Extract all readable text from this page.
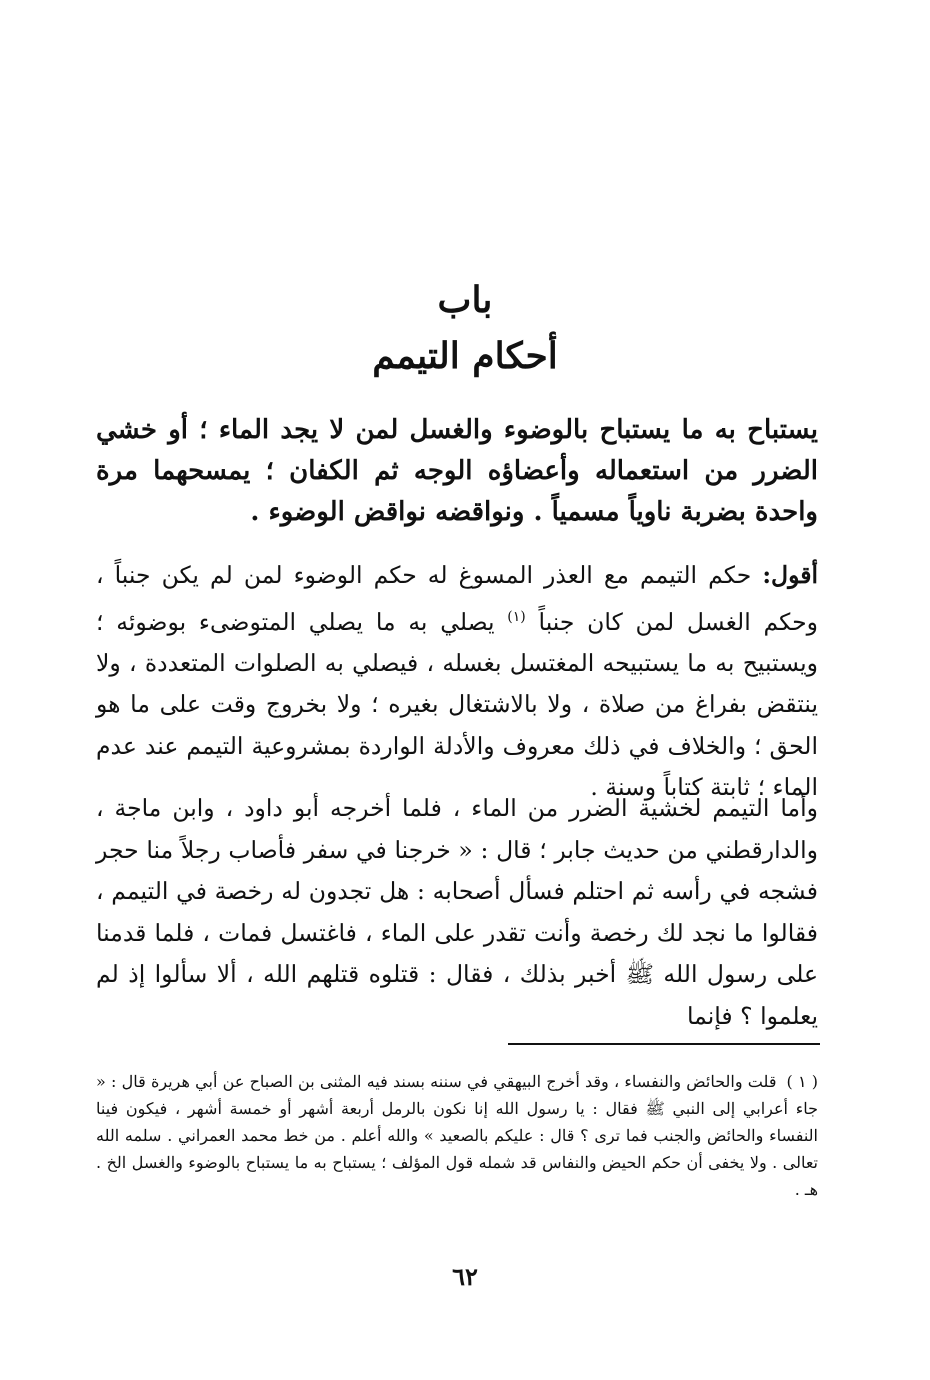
باب
أحكام التيمم

يستباح به ما يستباح بالوضوء والغسل لمن لا يجد الماء ؛ أو خشي الضرر من استعماله وأعضاؤه الوجه ثم الكفان ؛ يمسحهما مرة واحدة بضربة ناوياً مسمياً . ونواقضه نواقض الوضوء .

أقول: حكم التيمم مع العذر المسوغ له حكم الوضوء لمن لم يكن جنباً ، وحكم الغسل لمن كان جنباً $^{(١)}$ يصلي به ما يصلي المتوضىء بوضوئه ؛ ويستبيح به ما يستبيحه المغتسل بغسله ، فيصلي به الصلوات المتعددة ، ولا ينتقض بفراغ من صلاة ، ولا بالاشتغال بغيره ؛ ولا بخروج وقت على ما هو الحق ؛ والخلاف في ذلك معروف والأدلة الواردة بمشروعية التيمم عند عدم الماء ؛ ثابتة كتاباً وسنة .

وأما التيمم لخشية الضرر من الماء ، فلما أخرجه أبو داود ، وابن ماجة ، والدارقطني من حديث جابر ؛ قال : « خرجنا في سفر فأصاب رجلاً منا حجر فشجه في رأسه ثم احتلم فسأل أصحابه : هل تجدون له رخصة في التيمم ، فقالوا ما نجد لك رخصة وأنت تقدر على الماء ، فاغتسل فمات ، فلما قدمنا على رسول الله ﷺ أخبر بذلك ، فقال : قتلوه قتلهم الله ، ألا سألوا إذ لم يعلموا ؟ فإنما

( ١ )قلت والحائض والنفساء ، وقد أخرج البيهقي في سننه بسند فيه المثنى بن الصباح عن أبي هريرة قال : « جاء أعرابي إلى النبي ﷺ فقال : يا رسول الله إنا نكون بالرمل أربعة أشهر أو خمسة أشهر ، فيكون فينا النفساء والحائض والجنب فما ترى ؟ قال : عليكم بالصعيد » والله أعلم . من خط محمد العمراني . سلمه الله تعالى . ولا يخفى أن حكم الحيض والنفاس قد شمله قول المؤلف ؛ يستباح به ما يستباح بالوضوء والغسل الخ . هـ .

٦٢
